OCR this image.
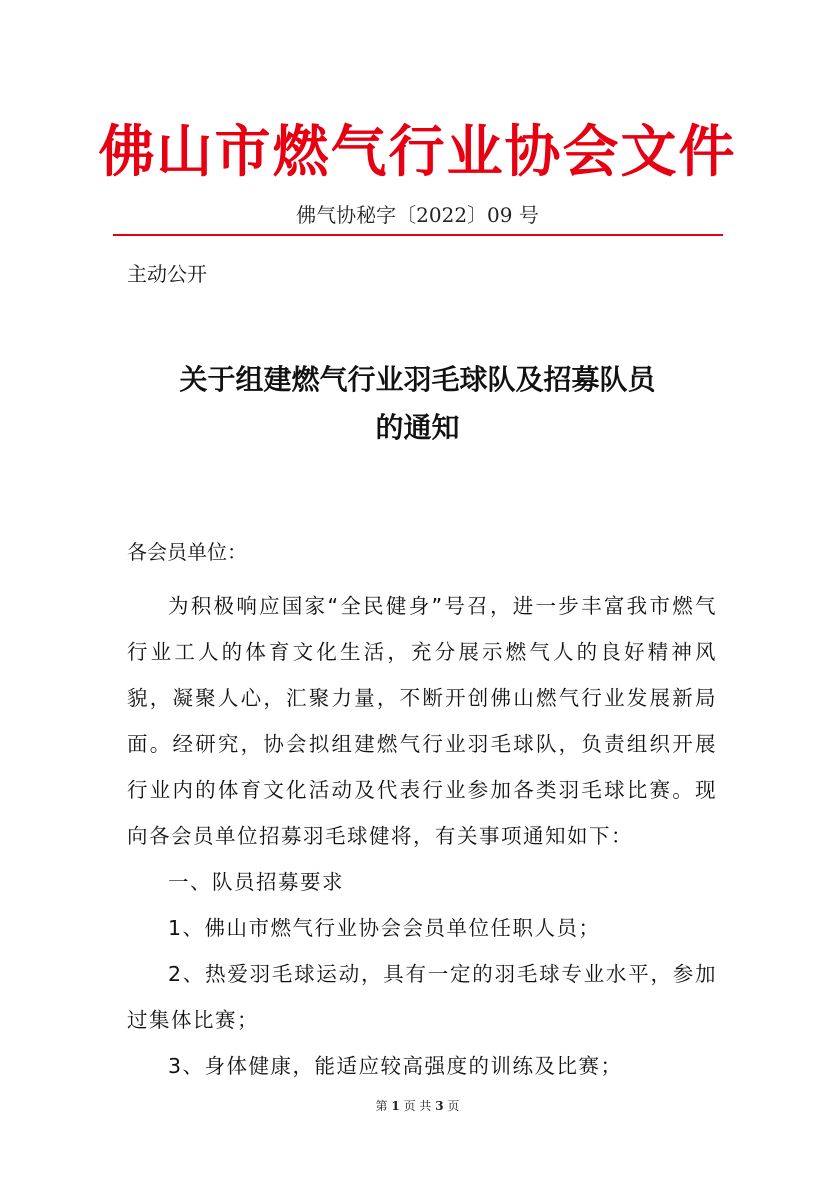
佛山市燃气行业协会文件
佛气协秘字〔2022〕09 号
主动公开
关于组建燃气行业羽毛球队及招募队员
的通知
各会员单位：

为积极响应国家“全民健身”号召，进一步丰富我市燃气行业工人的体育文化生活，充分展示燃气人的良好精神风貌，凝聚人心，汇聚力量，不断开创佛山燃气行业发展新局面。经研究，协会拟组建燃气行业羽毛球队，负责组织开展行业内的体育文化活动及代表行业参加各类羽毛球比赛。现向各会员单位招募羽毛球健将，有关事项通知如下：

一、队员招募要求

1、佛山市燃气行业协会会员单位任职人员；

2、热爱羽毛球运动，具有一定的羽毛球专业水平，参加过集体比赛；

3、身体健康，能适应较高强度的训练及比赛；

第 1 页 共 3 页
